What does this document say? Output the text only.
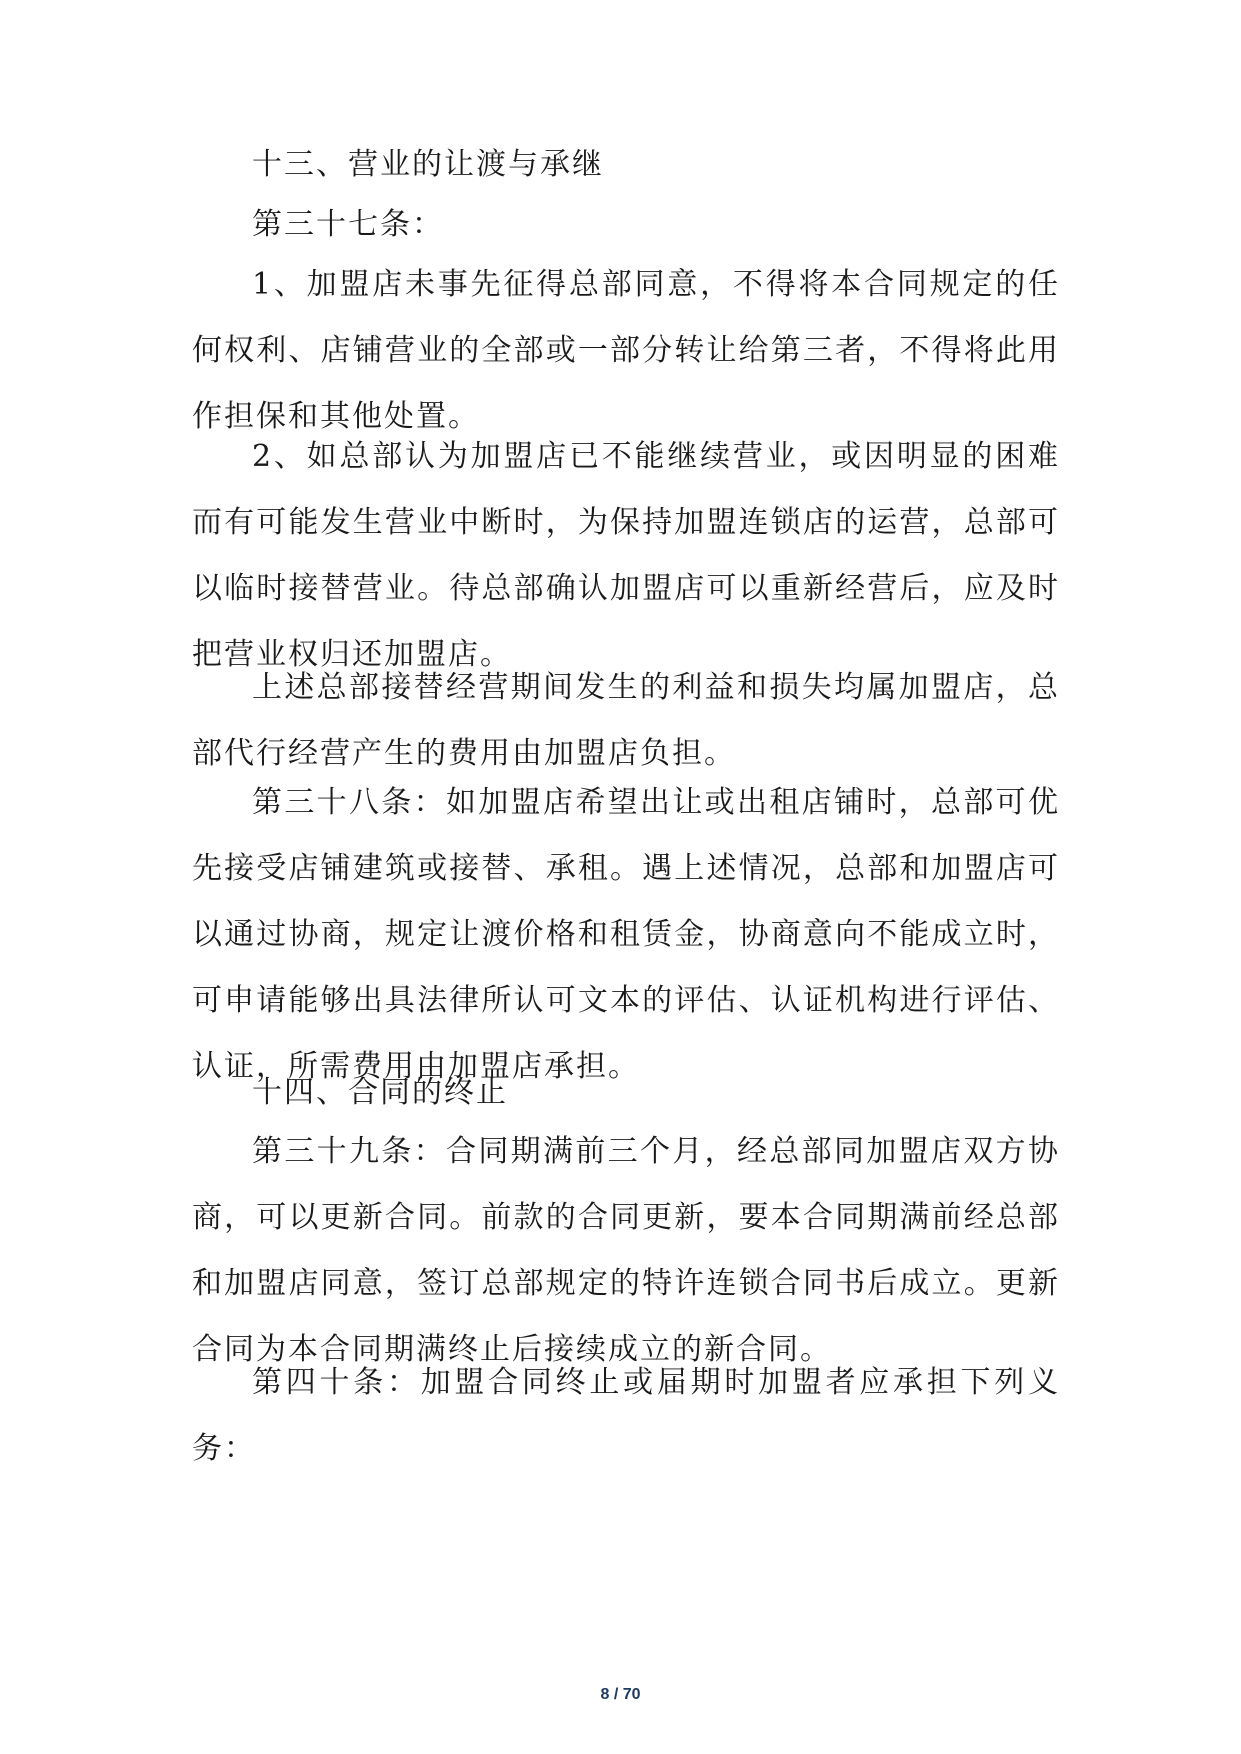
十三、营业的让渡与承继

第三十七条：

1、加盟店未事先征得总部同意，不得将本合同规定的任何权利、店铺营业的全部或一部分转让给第三者，不得将此用作担保和其他处置。

2、如总部认为加盟店已不能继续营业，或因明显的困难而有可能发生营业中断时，为保持加盟连锁店的运营，总部可以临时接替营业。待总部确认加盟店可以重新经营后，应及时把营业权归还加盟店。

上述总部接替经营期间发生的利益和损失均属加盟店，总部代行经营产生的费用由加盟店负担。

第三十八条：如加盟店希望出让或出租店铺时，总部可优先接受店铺建筑或接替、承租。遇上述情况，总部和加盟店可以通过协商，规定让渡价格和租赁金，协商意向不能成立时，可申请能够出具法律所认可文本的评估、认证机构进行评估、认证，所需费用由加盟店承担。

十四、合同的终止

第三十九条：合同期满前三个月，经总部同加盟店双方协商，可以更新合同。前款的合同更新，要本合同期满前经总部和加盟店同意，签订总部规定的特许连锁合同书后成立。更新合同为本合同期满终止后接续成立的新合同。

第四十条：加盟合同终止或届期时加盟者应承担下列义务：

8 / 70
